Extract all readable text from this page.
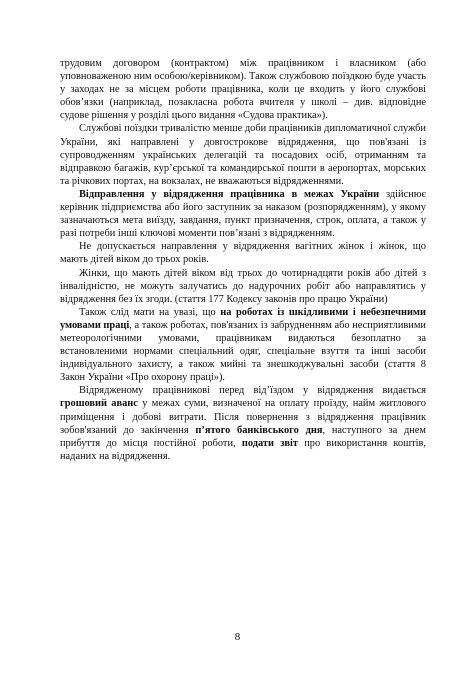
трудовим договором (контрактом) між працівником і власником (або уповноваженою ним особою/керівником). Також службовою поїздкою буде участь у заходах не за місцем роботи працівника, коли це входить у його службові обов’язки (наприклад, позакласна робота вчителя у школі – див. відповідне судове рішення у розділі цього видання «Судова практика»).

Службові поїздки тривалістю менше доби працівників дипломатичної служби України, які направлені у довгострокове відрядження, що пов'язані із супроводженням українських делегацій та посадових осіб, отриманням та відправкою багажів, кур’єрської та командирської пошти в аеропортах, морських та річкових портах, на вокзалах, не вважаються відрядженнями.

Відправлення у відрядження працівника в межах України здійснює керівник підприємства або його заступник за наказом (розпорядженням), у якому зазначаються мета виїзду, завдання, пункт призначення, строк, оплата, а також у разі потреби інші ключові моменти пов’язані з відрядженням.

Не допускається направлення у відрядження вагітних жінок і жінок, що мають дітей віком до трьох років.

Жінки, що мають дітей віком від трьох до чотирнадцяти років або дітей з інвалідністю, не можуть залучатись до надурочних робіт або направлятись у відрядження без їх згоди. (стаття 177 Кодексу законів про працю України)

Також слід мати на увазі, що на роботах із шкідливими і небезпечними умовами праці, а також роботах, пов'язаних із забрудненням або несприятливими метеорологічними умовами, працівникам видаються безоплатно за встановленими нормами спеціальний одяг, спеціальне взуття та інші засоби індивідуального захисту, а також мийні та знешкоджувальні засоби (стаття 8 Закон України «Про охорону праці»).

Відрядженому працівникові перед від’їздом у відрядження видається грошовий аванс у межах суми, визначеної на оплату проїзду, найм житлового приміщення і добові витрати. Після повернення з відрядження працівник зобов'язаний до закінчення п’ятого банківського дня, наступного за днем прибуття до місця постійної роботи, подати звіт про використання коштів, наданих на відрядження.

8
